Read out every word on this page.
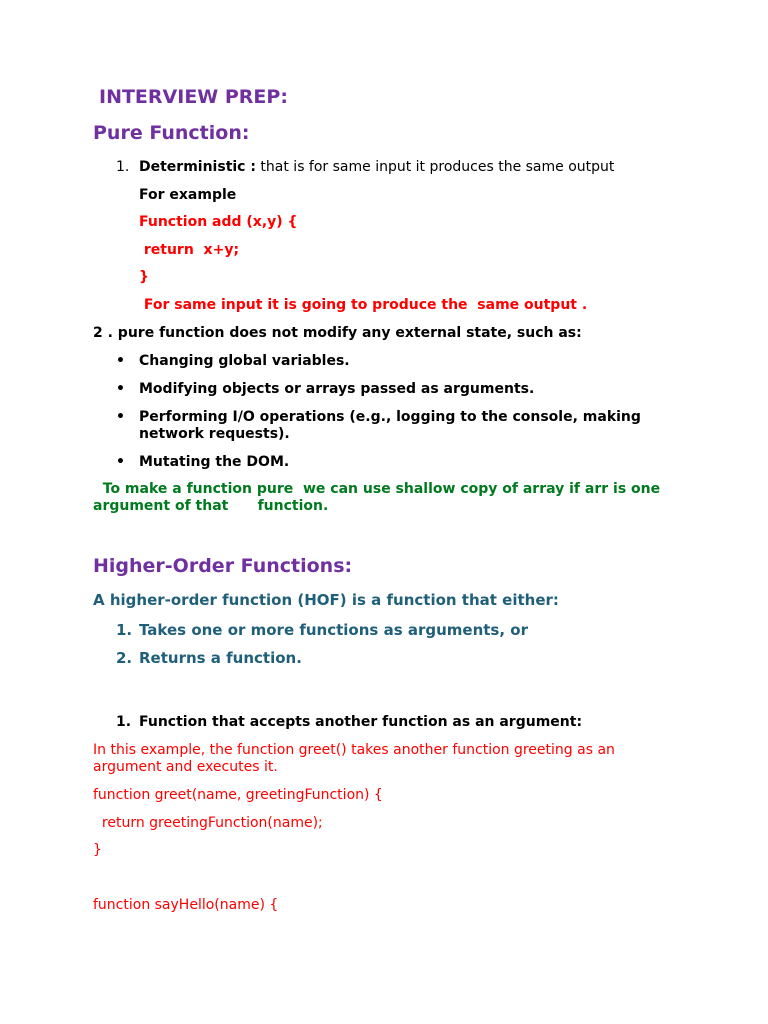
INTERVIEW PREP:
Pure Function:
1. Deterministic : that is for same input it produces the same output
For example
Function add (x,y) {
return  x+y;
}
For same input it is going to produce the  same output .
2 . pure function does not modify any external state, such as:
• Changing global variables.
• Modifying objects or arrays passed as arguments.
• Performing I/O operations (e.g., logging to the console, making network requests).
• Mutating the DOM.
To make a function pure  we can use shallow copy of array if arr is one argument of that      function.
Higher-Order Functions:
A higher-order function (HOF) is a function that either:
1. Takes one or more functions as arguments, or
2. Returns a function.
1. Function that accepts another function as an argument:
In this example, the function greet() takes another function greeting as an argument and executes it.
function greet(name, greetingFunction) {
return greetingFunction(name);
}
function sayHello(name) {
